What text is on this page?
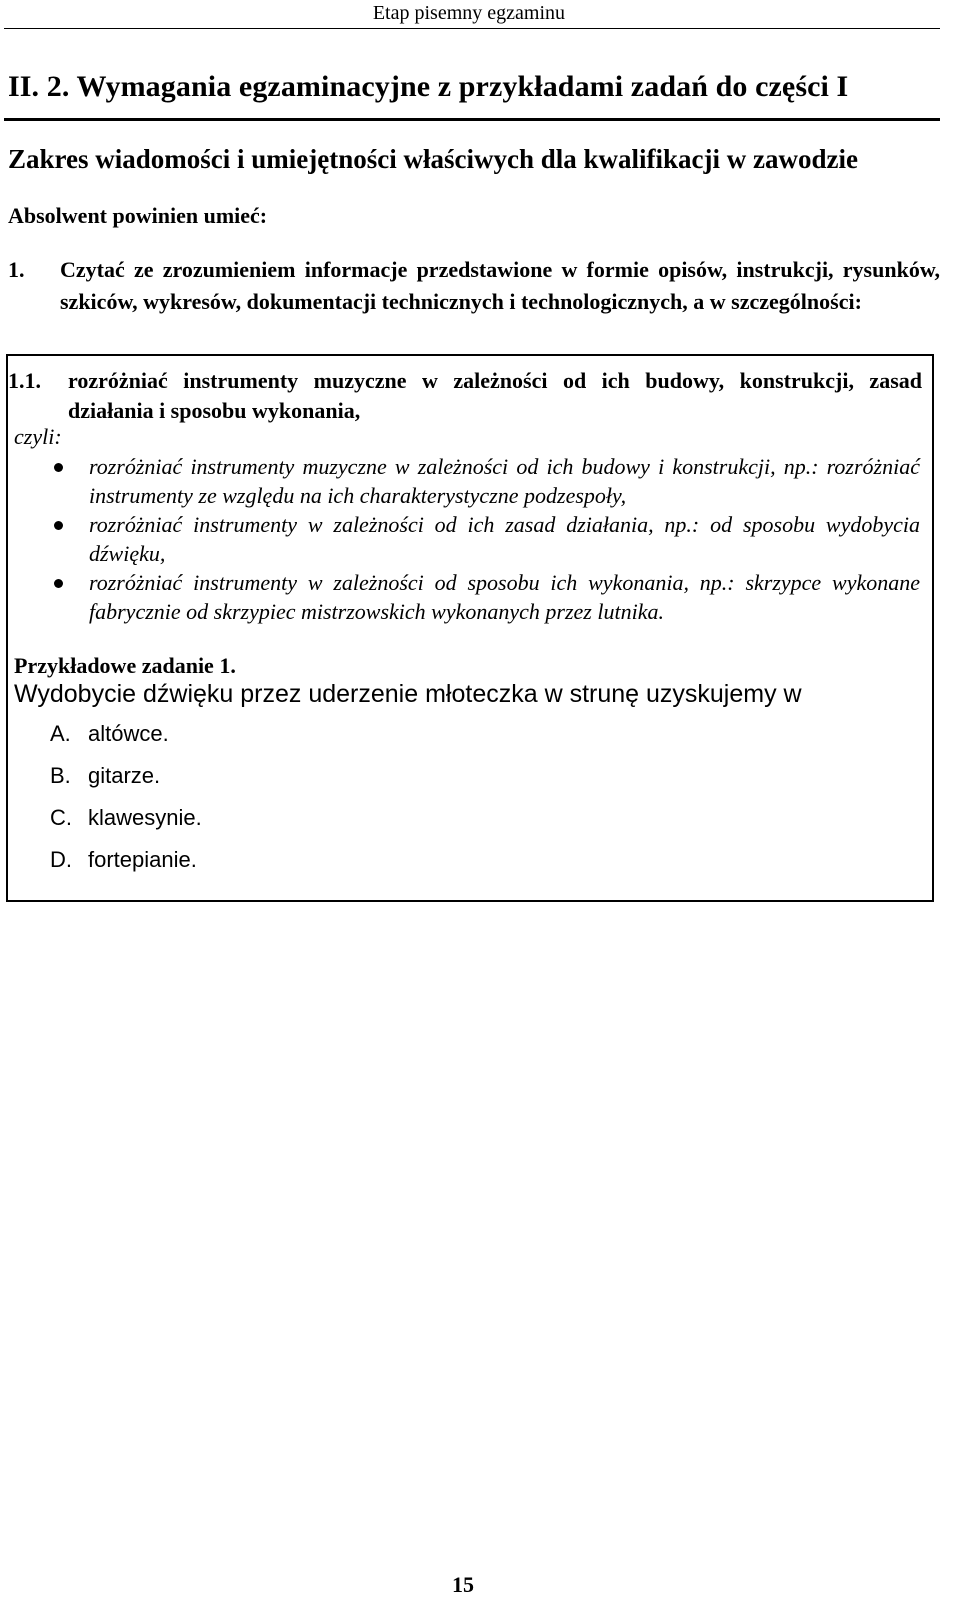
Etap pisemny egzaminu
II. 2. Wymagania egzaminacyjne z przykładami zadań do części I
Zakres wiadomości i umiejętności właściwych dla kwalifikacji w zawodzie
Absolwent powinien umieć:
1. Czytać ze zrozumieniem informacje przedstawione w formie opisów, instrukcji, rysunków, szkiców, wykresów, dokumentacji technicznych i technologicznych, a w szczególności:
1.1. rozróżniać instrumenty muzyczne w zależności od ich budowy, konstrukcji, zasad działania i sposobu wykonania,
czyli:
rozróżniać instrumenty muzyczne w zależności od ich budowy i konstrukcji, np.: rozróżniać instrumenty ze względu na ich charakterystyczne podzespoły,
rozróżniać instrumenty w zależności od ich zasad działania, np.: od sposobu wydobycia dźwięku,
rozróżniać instrumenty w zależności od sposobu ich wykonania, np.: skrzypce wykonane fabrycznie od skrzypiec mistrzowskich wykonanych przez lutnika.
Przykładowe zadanie 1.
Wydobycie dźwięku przez uderzenie młoteczka w strunę uzyskujemy w
A. altówce.
B. gitarze.
C. klawesynie.
D. fortepianie.
15
